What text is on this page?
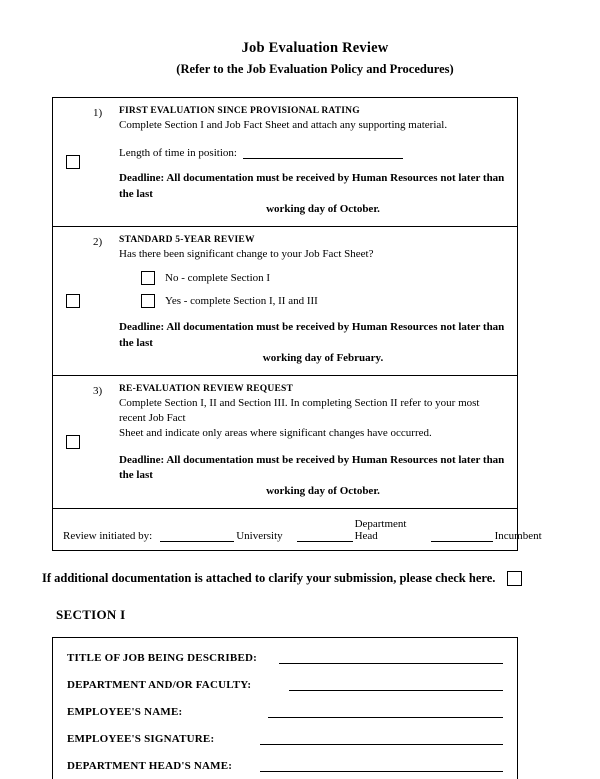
Job Evaluation Review
(Refer to the Job Evaluation Policy and Procedures)
1)	FIRST EVALUATION SINCE PROVISIONAL RATING

Complete Section I and Job Fact Sheet and attach any supporting material.

Length of time in position:
Deadline: All documentation must be received by Human Resources not later than the last
working day of October.
2)	STANDARD 5-YEAR REVIEW

Has there been significant change to your Job Fact Sheet?

No - complete Section I
Yes - complete Section I, II and III
Deadline: All documentation must be received by Human Resources not later than the last
working day of February.
3)	RE-EVALUATION REVIEW REQUEST

Complete Section I, II and Section III. In completing Section II refer to your most recent Job Fact

Sheet and indicate only areas where significant changes have occurred.

Deadline: All documentation must be received by Human Resources not later than the last
working day of October.
Review initiated by:	University
Department Head	Incumbent
If additional documentation is attached to clarify your submission, please check here.
SECTION I
TITLE OF JOB BEING DESCRIBED:
DEPARTMENT AND/OR FACULTY:
EMPLOYEE'S NAME:
EMPLOYEE'S SIGNATURE:
DEPARTMENT HEAD'S NAME:
